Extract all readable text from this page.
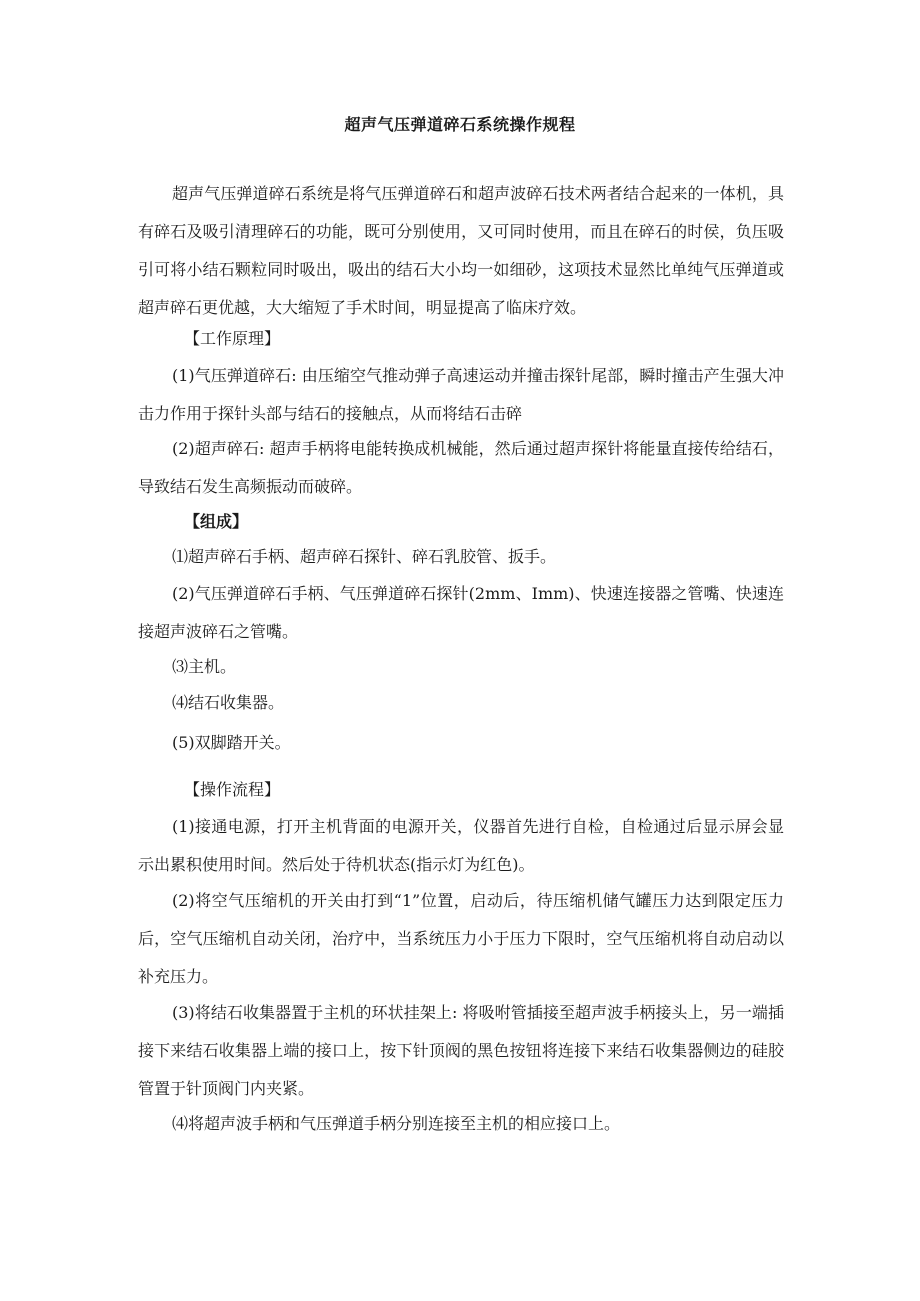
超声气压弹道碎石系统操作规程
超声气压弹道碎石系统是将气压弹道碎石和超声波碎石技术两者结合起来的一体机，具有碎石及吸引清理碎石的功能，既可分别使用，又可同时使用，而且在碎石的时侯，负压吸引可将小结石颗粒同时吸出，吸出的结石大小均一如细砂，这项技术显然比单纯气压弹道或超声碎石更优越，大大缩短了手术时间，明显提高了临床疗效。
【工作原理】
(1)气压弹道碎石: 由压缩空气推动弹子高速运动并撞击探针尾部，瞬时撞击产生强大冲击力作用于探针头部与结石的接触点，从而将结石击碎
(2)超声碎石: 超声手柄将电能转换成机械能，然后通过超声探针将能量直接传给结石，导致结石发生高频振动而破碎。
【组成】
⑴超声碎石手柄、超声碎石探针、碎石乳胶管、扳手。
(2)气压弹道碎石手柄、气压弹道碎石探针(2mm、Imm)、快速连接器之管嘴、快速连接超声波碎石之管嘴。
⑶主机。
⑷结石收集器。
(5)双脚踏开关。
【操作流程】
(1)接通电源，打开主机背面的电源开关，仪器首先进行自检，自检通过后显示屏会显示出累积使用时间。然后处于待机状态(指示灯为红色)。
(2)将空气压缩机的开关由打到“1”位置，启动后，待压缩机储气罐压力达到限定压力后，空气压缩机自动关闭，治疗中，当系统压力小于压力下限时，空气压缩机将自动启动以补充压力。
(3)将结石收集器置于主机的环状挂架上: 将吸咐管插接至超声波手柄接头上，另一端插接下来结石收集器上端的接口上，按下针顶阀的黑色按钮将连接下来结石收集器侧边的硅胶管置于针顶阀门内夹紧。
⑷将超声波手柄和气压弹道手柄分别连接至主机的相应接口上。
